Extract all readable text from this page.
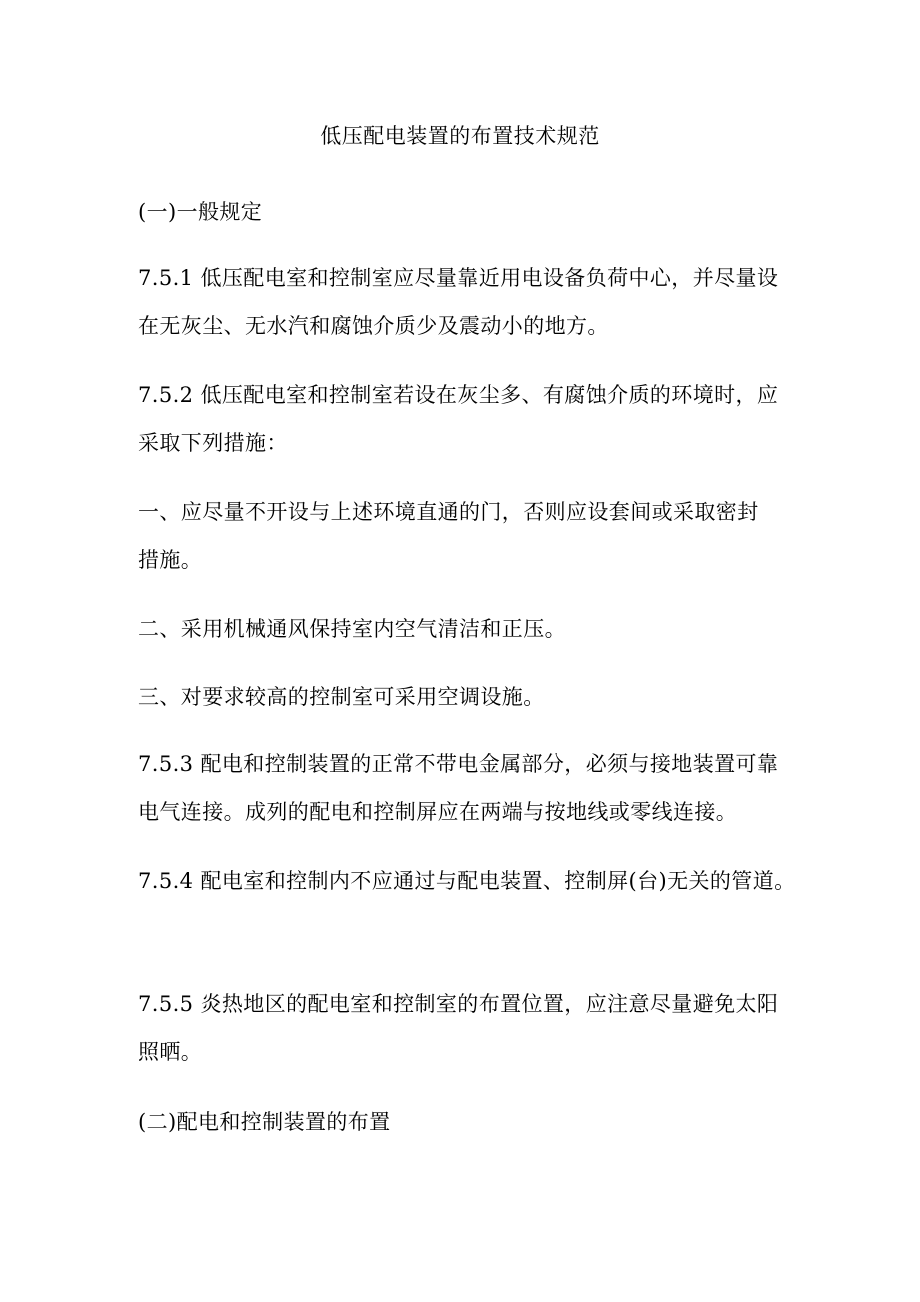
低压配电装置的布置技术规范
(一)一般规定
7.5.1 低压配电室和控制室应尽量靠近用电设备负荷中心，并尽量设
在无灰尘、无水汽和腐蚀介质少及震动小的地方。
7.5.2 低压配电室和控制室若设在灰尘多、有腐蚀介质的环境时，应
采取下列措施：
一、应尽量不开设与上述环境直通的门，否则应设套间或采取密封
措施。
二、采用机械通风保持室内空气清洁和正压。
三、对要求较高的控制室可采用空调设施。
7.5.3 配电和控制装置的正常不带电金属部分，必须与接地装置可靠
电气连接。成列的配电和控制屏应在两端与按地线或零线连接。
7.5.4 配电室和控制内不应通过与配电装置、控制屏(台)无关的管道。
7.5.5 炎热地区的配电室和控制室的布置位置，应注意尽量避免太阳
照晒。
(二)配电和控制装置的布置
